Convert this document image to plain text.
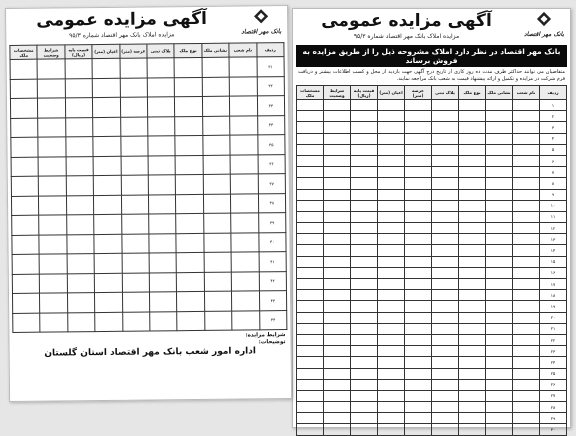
بانک مهر اقتصاد
آگهی مزایده عمومی
مزایده املاک بانک مهر اقتصاد شماره ۹۵/۳
بانک مهر اقتصاد در نظر دارد املاک مشروحه ذیل را از طریق مزایده به فروش برساند
متقاضیان می توانند حداکثر ظرف مدت ده روز کاری از تاریخ درج آگهی جهت بازدید از محل و کسب اطلاعات بیشتر و دریافت فرم شرکت در مزایده و تکمیل و ارائه پیشنهاد قیمت به شعب بانک مراجعه نمایند.
ردیف	نام شعب	نشانی ملک	نوع ملک	پلاک ثبتی	عرصه (متر)	اعیان (متر)	قیمت پایه (ریال)	شرایط وضعیت	مشخصات ملک
۱									
۲									
۳									
۴									
۵									
۶									
۷									
۸									
۹									
۱۰									
۱۱									
۱۲									
۱۳									
۱۴									
۱۵									
۱۶									
۱۷									
۱۸									
۱۹									
۲۰									
۲۱									
۲۲									
۲۳									
۲۴									
۲۵									
۲۶									
۲۷									
۲۸									
۲۹									
۳۰									
بانک مهر اقتصاد
آگهی مزایده عمومی
مزایده املاک بانک مهر اقتصاد شماره ۹۵/۳
ردیف	نام شعب	نشانی ملک	نوع ملک	پلاک ثبتی	عرصه (متر)	اعیان (متر)	قیمت پایه (ریال)	شرایط وضعیت	مشخصات ملک
۳۱									
۳۲									
۳۳									
۳۴									
۳۵									
۳۶									
۳۷									
۳۸									
۳۹									
۴۰									
۴۱									
۴۲									
۴۳									
۴۴									
شرایط مزایده:
توضیحات:
اداره امور شعب بانک مهر اقتصاد استان گلستان
